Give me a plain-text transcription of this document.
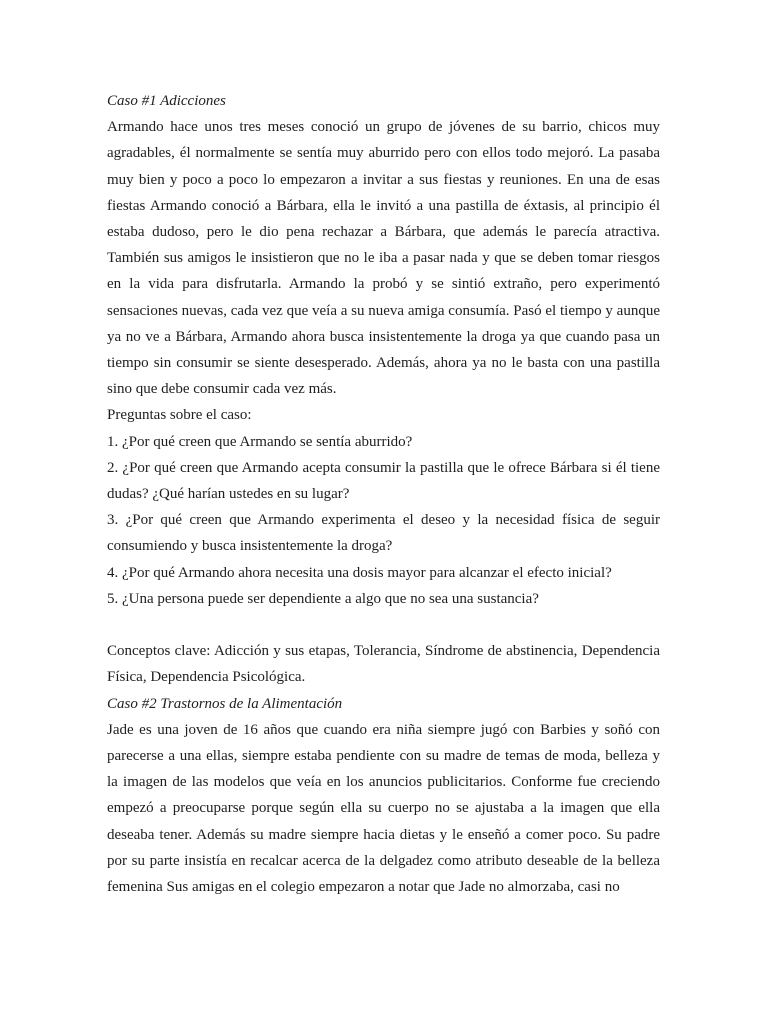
Caso #1 Adicciones

Armando hace unos tres meses conoció un grupo de jóvenes de su barrio, chicos muy agradables, él normalmente se sentía muy aburrido pero con ellos todo mejoró. La pasaba muy bien y poco a poco lo empezaron a invitar a sus fiestas y reuniones. En una de esas fiestas Armando conoció a Bárbara, ella le invitó a una pastilla de éxtasis, al principio él estaba dudoso, pero le dio pena rechazar a Bárbara, que además le parecía atractiva. También sus amigos le insistieron que no le iba a pasar nada y que se deben tomar riesgos en la vida para disfrutarla. Armando la probó y se sintió extraño, pero experimentó sensaciones nuevas, cada vez que veía a su nueva amiga consumía. Pasó el tiempo y aunque ya no ve a Bárbara, Armando ahora busca insistentemente la droga ya que cuando pasa un tiempo sin consumir se siente desesperado. Además, ahora ya no le basta con una pastilla sino que debe consumir cada vez más.

Preguntas sobre el caso:

1. ¿Por qué creen que Armando se sentía aburrido?
2. ¿Por qué creen que Armando acepta consumir la pastilla que le ofrece Bárbara si él tiene dudas? ¿Qué harían ustedes en su lugar?
3. ¿Por qué creen que Armando experimenta el deseo y la necesidad física de seguir consumiendo y busca insistentemente la droga?
4. ¿Por qué Armando ahora necesita una dosis mayor para alcanzar el efecto inicial?
5. ¿Una persona puede ser dependiente a algo que no sea una sustancia?

Conceptos clave: Adicción y sus etapas, Tolerancia, Síndrome de abstinencia, Dependencia Física, Dependencia Psicológica.

Caso #2 Trastornos de la Alimentación

Jade es una joven de 16 años que cuando era niña siempre jugó con Barbies y soñó con parecerse a una ellas, siempre estaba pendiente con su madre de temas de moda, belleza y la imagen de las modelos que veía en los anuncios publicitarios. Conforme fue creciendo empezó a preocuparse porque según ella su cuerpo no se ajustaba a la imagen que ella deseaba tener. Además su madre siempre hacia dietas y le enseñó a comer poco. Su padre por su parte insistía en recalcar acerca de la delgadez como atributo deseable de la belleza femenina Sus amigas en el colegio empezaron a notar que Jade no almorzaba, casi no
